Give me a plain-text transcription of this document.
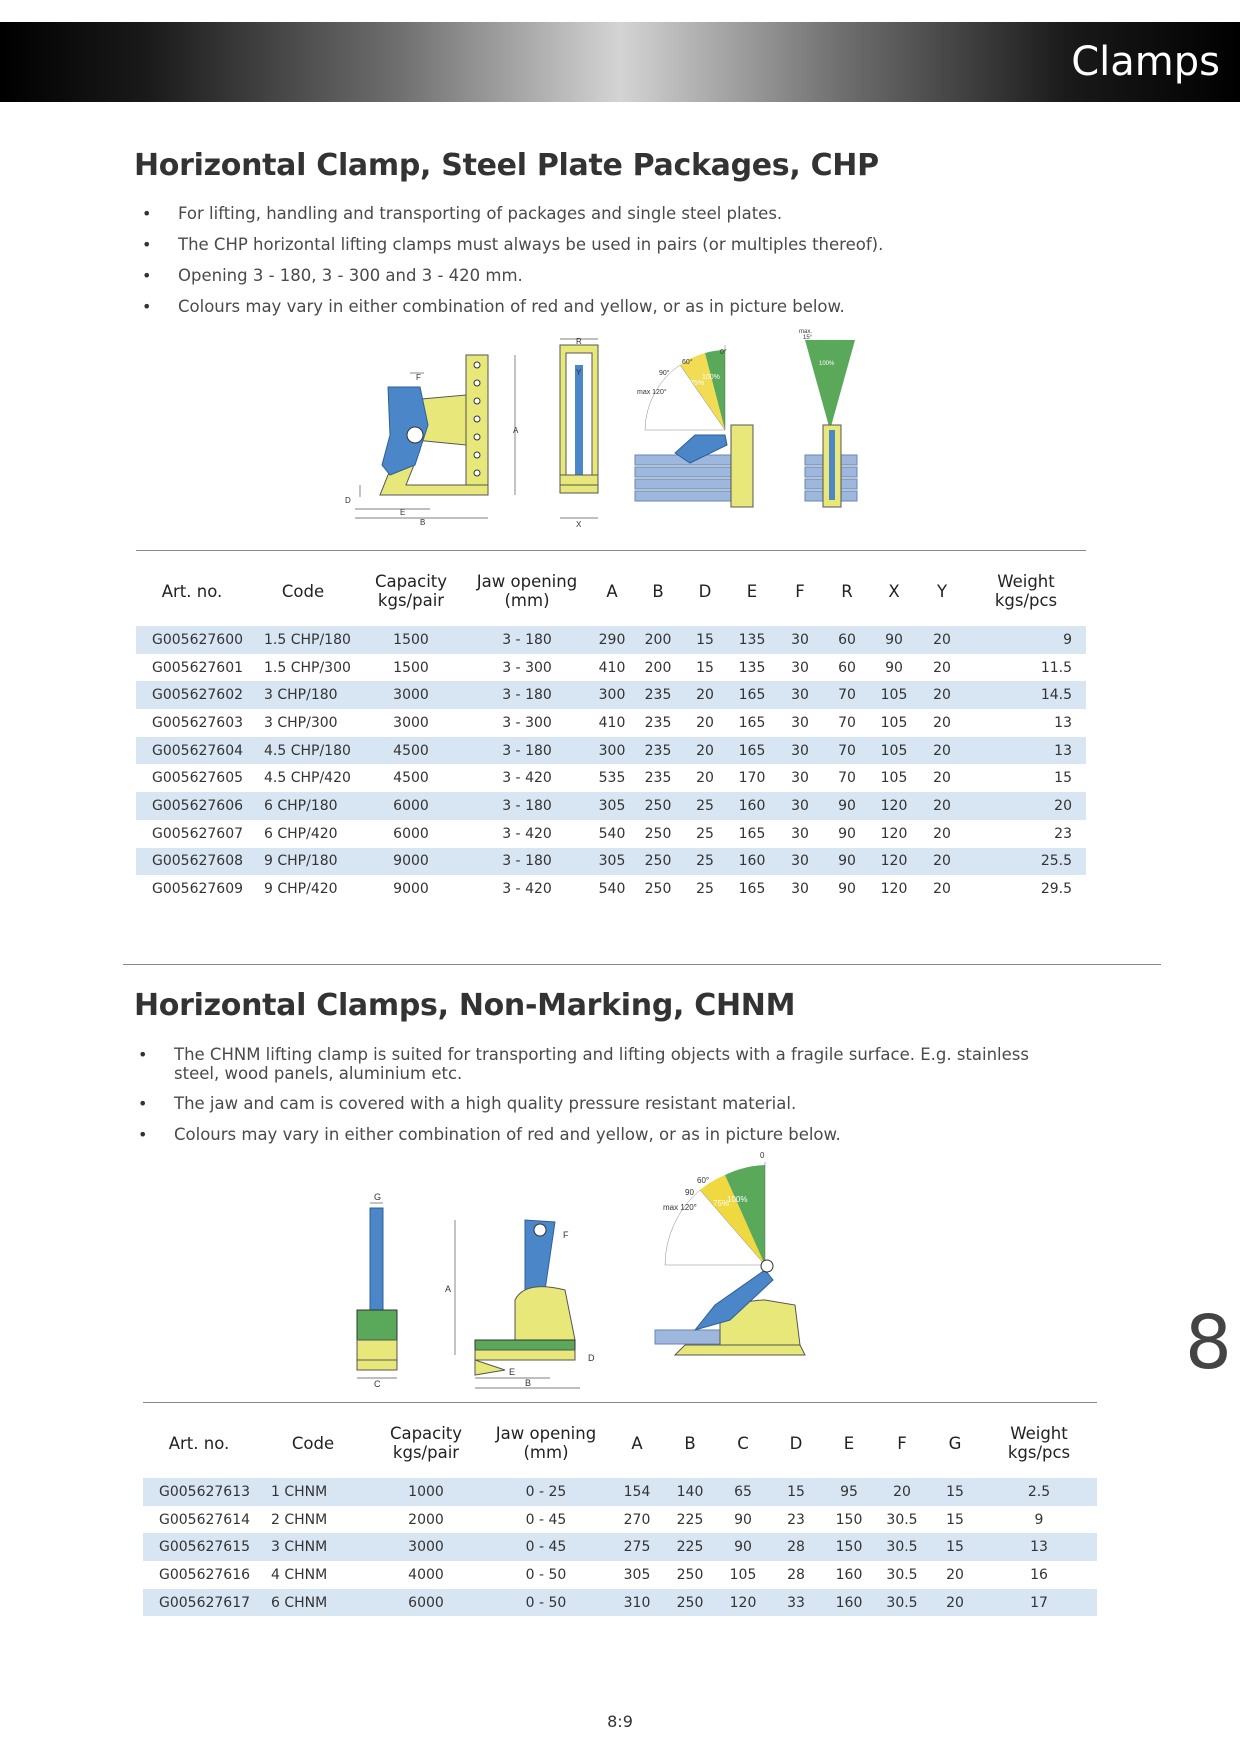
Clamps
Horizontal Clamp, Steel Plate Packages, CHP
• For lifting, handling and transporting of packages and single steel plates.
• The CHP horizontal lifting clamps must always be used in pairs (or multiples thereof).
• Opening 3 - 180, 3 - 300 and 3 - 420 mm.
• Colours may vary in either combination of red and yellow, or as in picture below.
F
A
D
E
B
R
Y
X
0°
60°
90°
max 120°
100%
75%
50%
max.
15°
100%
Art. no.	Code	Capacity
kgs/pair	Jaw opening
(mm)	A	B	D	E	F	R	X	Y	Weight
kgs/pcs
G005627600	1.5 CHP/180	1500	3 - 180	290	200	15	135	30	60	90	20	9
G005627601	1.5 CHP/300	1500	3 - 300	410	200	15	135	30	60	90	20	11.5
G005627602	3 CHP/180	3000	3 - 180	300	235	20	165	30	70	105	20	14.5
G005627603	3 CHP/300	3000	3 - 300	410	235	20	165	30	70	105	20	13
G005627604	4.5 CHP/180	4500	3 - 180	300	235	20	165	30	70	105	20	13
G005627605	4.5 CHP/420	4500	3 - 420	535	235	20	170	30	70	105	20	15
G005627606	6 CHP/180	6000	3 - 180	305	250	25	160	30	90	120	20	20
G005627607	6 CHP/420	6000	3 - 420	540	250	25	165	30	90	120	20	23
G005627608	9 CHP/180	9000	3 - 180	305	250	25	160	30	90	120	20	25.5
G005627609	9 CHP/420	9000	3 - 420	540	250	25	165	30	90	120	20	29.5
Horizontal Clamps, Non-Marking, CHNM
• The CHNM lifting clamp is suited for transporting and lifting objects with a fragile surface. E.g. stainless steel, wood panels, aluminium etc.
• The jaw and cam is covered with a high quality pressure resistant material.
• Colours may vary in either combination of red and yellow, or as in picture below.
G
C
A
F
D
E
B
0
60°
90
max 120°
100%
75%
50%
Art. no.	Code	Capacity
kgs/pair	Jaw opening
(mm)	A	B	C	D	E	F	G	Weight
kgs/pcs
G005627613	1 CHNM	1000	0 - 25	154	140	65	15	95	20	15	2.5
G005627614	2 CHNM	2000	0 - 45	270	225	90	23	150	30.5	15	9
G005627615	3 CHNM	3000	0 - 45	275	225	90	28	150	30.5	15	13
G005627616	4 CHNM	4000	0 - 50	305	250	105	28	160	30.5	20	16
G005627617	6 CHNM	6000	0 - 50	310	250	120	33	160	30.5	20	17
8
8:9
